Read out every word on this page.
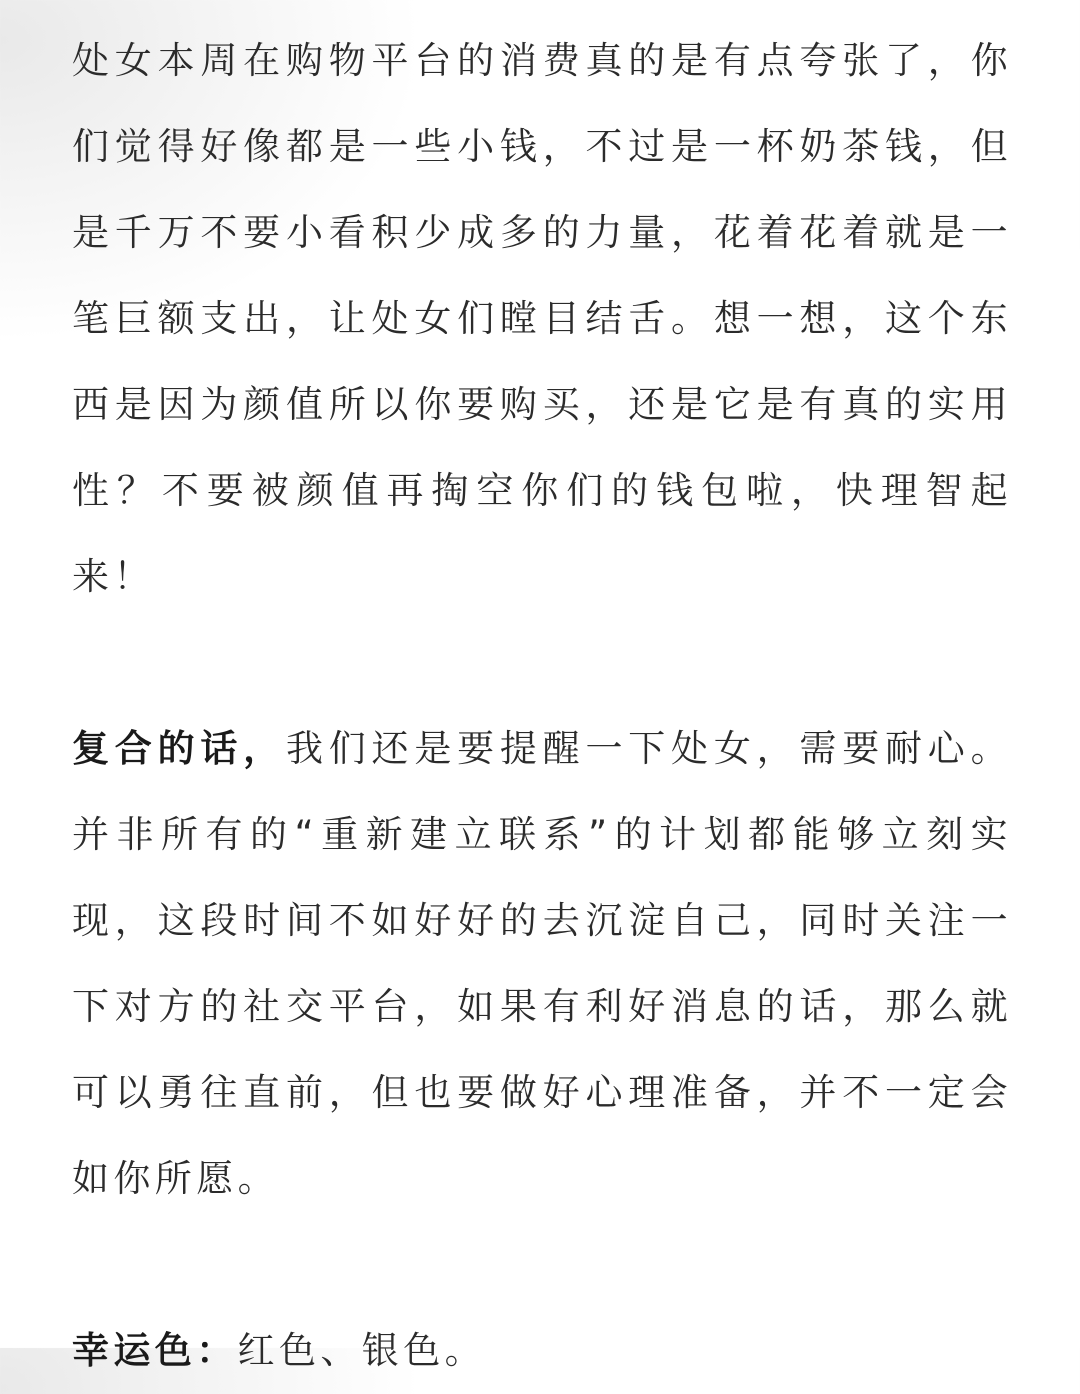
处女本周在购物平台的消费真的是有点夸张了，你们觉得好像都是一些小钱，不过是一杯奶茶钱，但是千万不要小看积少成多的力量，花着花着就是一笔巨额支出，让处女们瞠目结舌。想一想，这个东西是因为颜值所以你要购买，还是它是有真的实用性？不要被颜值再掏空你们的钱包啦，快理智起来！

复合的话，我们还是要提醒一下处女，需要耐心。并非所有的“重新建立联系”的计划都能够立刻实现，这段时间不如好好的去沉淀自己，同时关注一下对方的社交平台，如果有利好消息的话，那么就可以勇往直前，但也要做好心理准备，并不一定会如你所愿。

幸运色：红色、银色。
